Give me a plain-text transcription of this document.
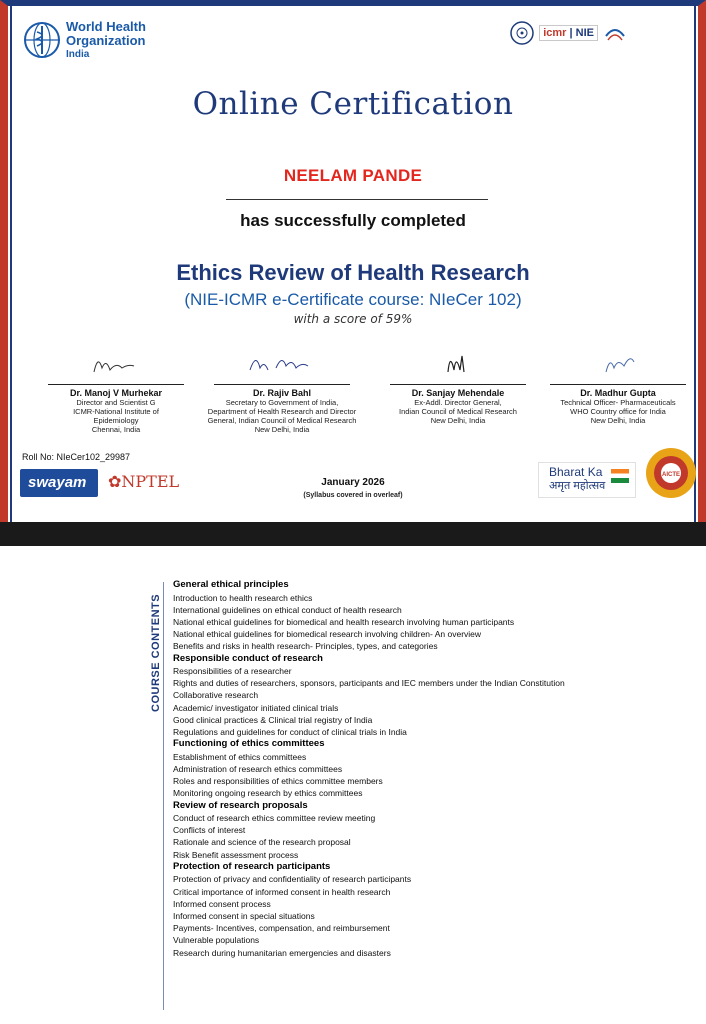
World Health
Organization
India
icmr | NIE
Online Certification
NEELAM PANDE
has successfully completed
Ethics Review of Health Research
(NIE-ICMR e-Certificate course: NIeCer 102)
with a score of 59%
Dr. Manoj V Murhekar
Director and Scientist G
ICMR-National Institute of
Epidemiology
Chennai, India
Dr. Rajiv Bahl
Secretary to Government of India,
Department of Health Research and Director
General, Indian Council of Medical Research
New Delhi, India
Dr. Sanjay Mehendale
Ex-Addl. Director General,
Indian Council of Medical Research
New Delhi, India
Dr. Madhur Gupta
Technical Officer- Pharmaceuticals
WHO Country office for India
New Delhi, India
Roll No: NIeCer102_29987
swayam ✿NPTEL	January 2026
(Syllabus covered in overleaf)
Bharat Ka
अमृत महोत्सव
AICTE
COURSE CONTENTS
General ethical principles
Introduction to health research ethics
International guidelines on ethical conduct of health research
National ethical guidelines for biomedical and health research involving human participants
National ethical guidelines for biomedical research involving children- An overview
Benefits and risks in health research- Principles, types, and categories
Responsible conduct of research
Responsibilities of a researcher
Rights and duties of researchers, sponsors, participants and IEC members under the Indian Constitution
Collaborative research
Academic/ investigator initiated clinical trials
Good clinical practices & Clinical trial registry of India
Regulations and guidelines for conduct of clinical trials in India
Functioning of ethics committees
Establishment of ethics committees
Administration of research ethics committees
Roles and responsibilities of ethics committee members
Monitoring ongoing research by ethics committees
Review of research proposals
Conduct of research ethics committee review meeting
Conflicts of interest
Rationale and science of the research proposal
Risk Benefit assessment process
Protection of research participants
Protection of privacy and confidentiality of research participants
Critical importance of informed consent in health research
Informed consent process
Informed consent in special situations
Payments- Incentives, compensation, and reimbursement
Vulnerable populations
Research during humanitarian emergencies and disasters
